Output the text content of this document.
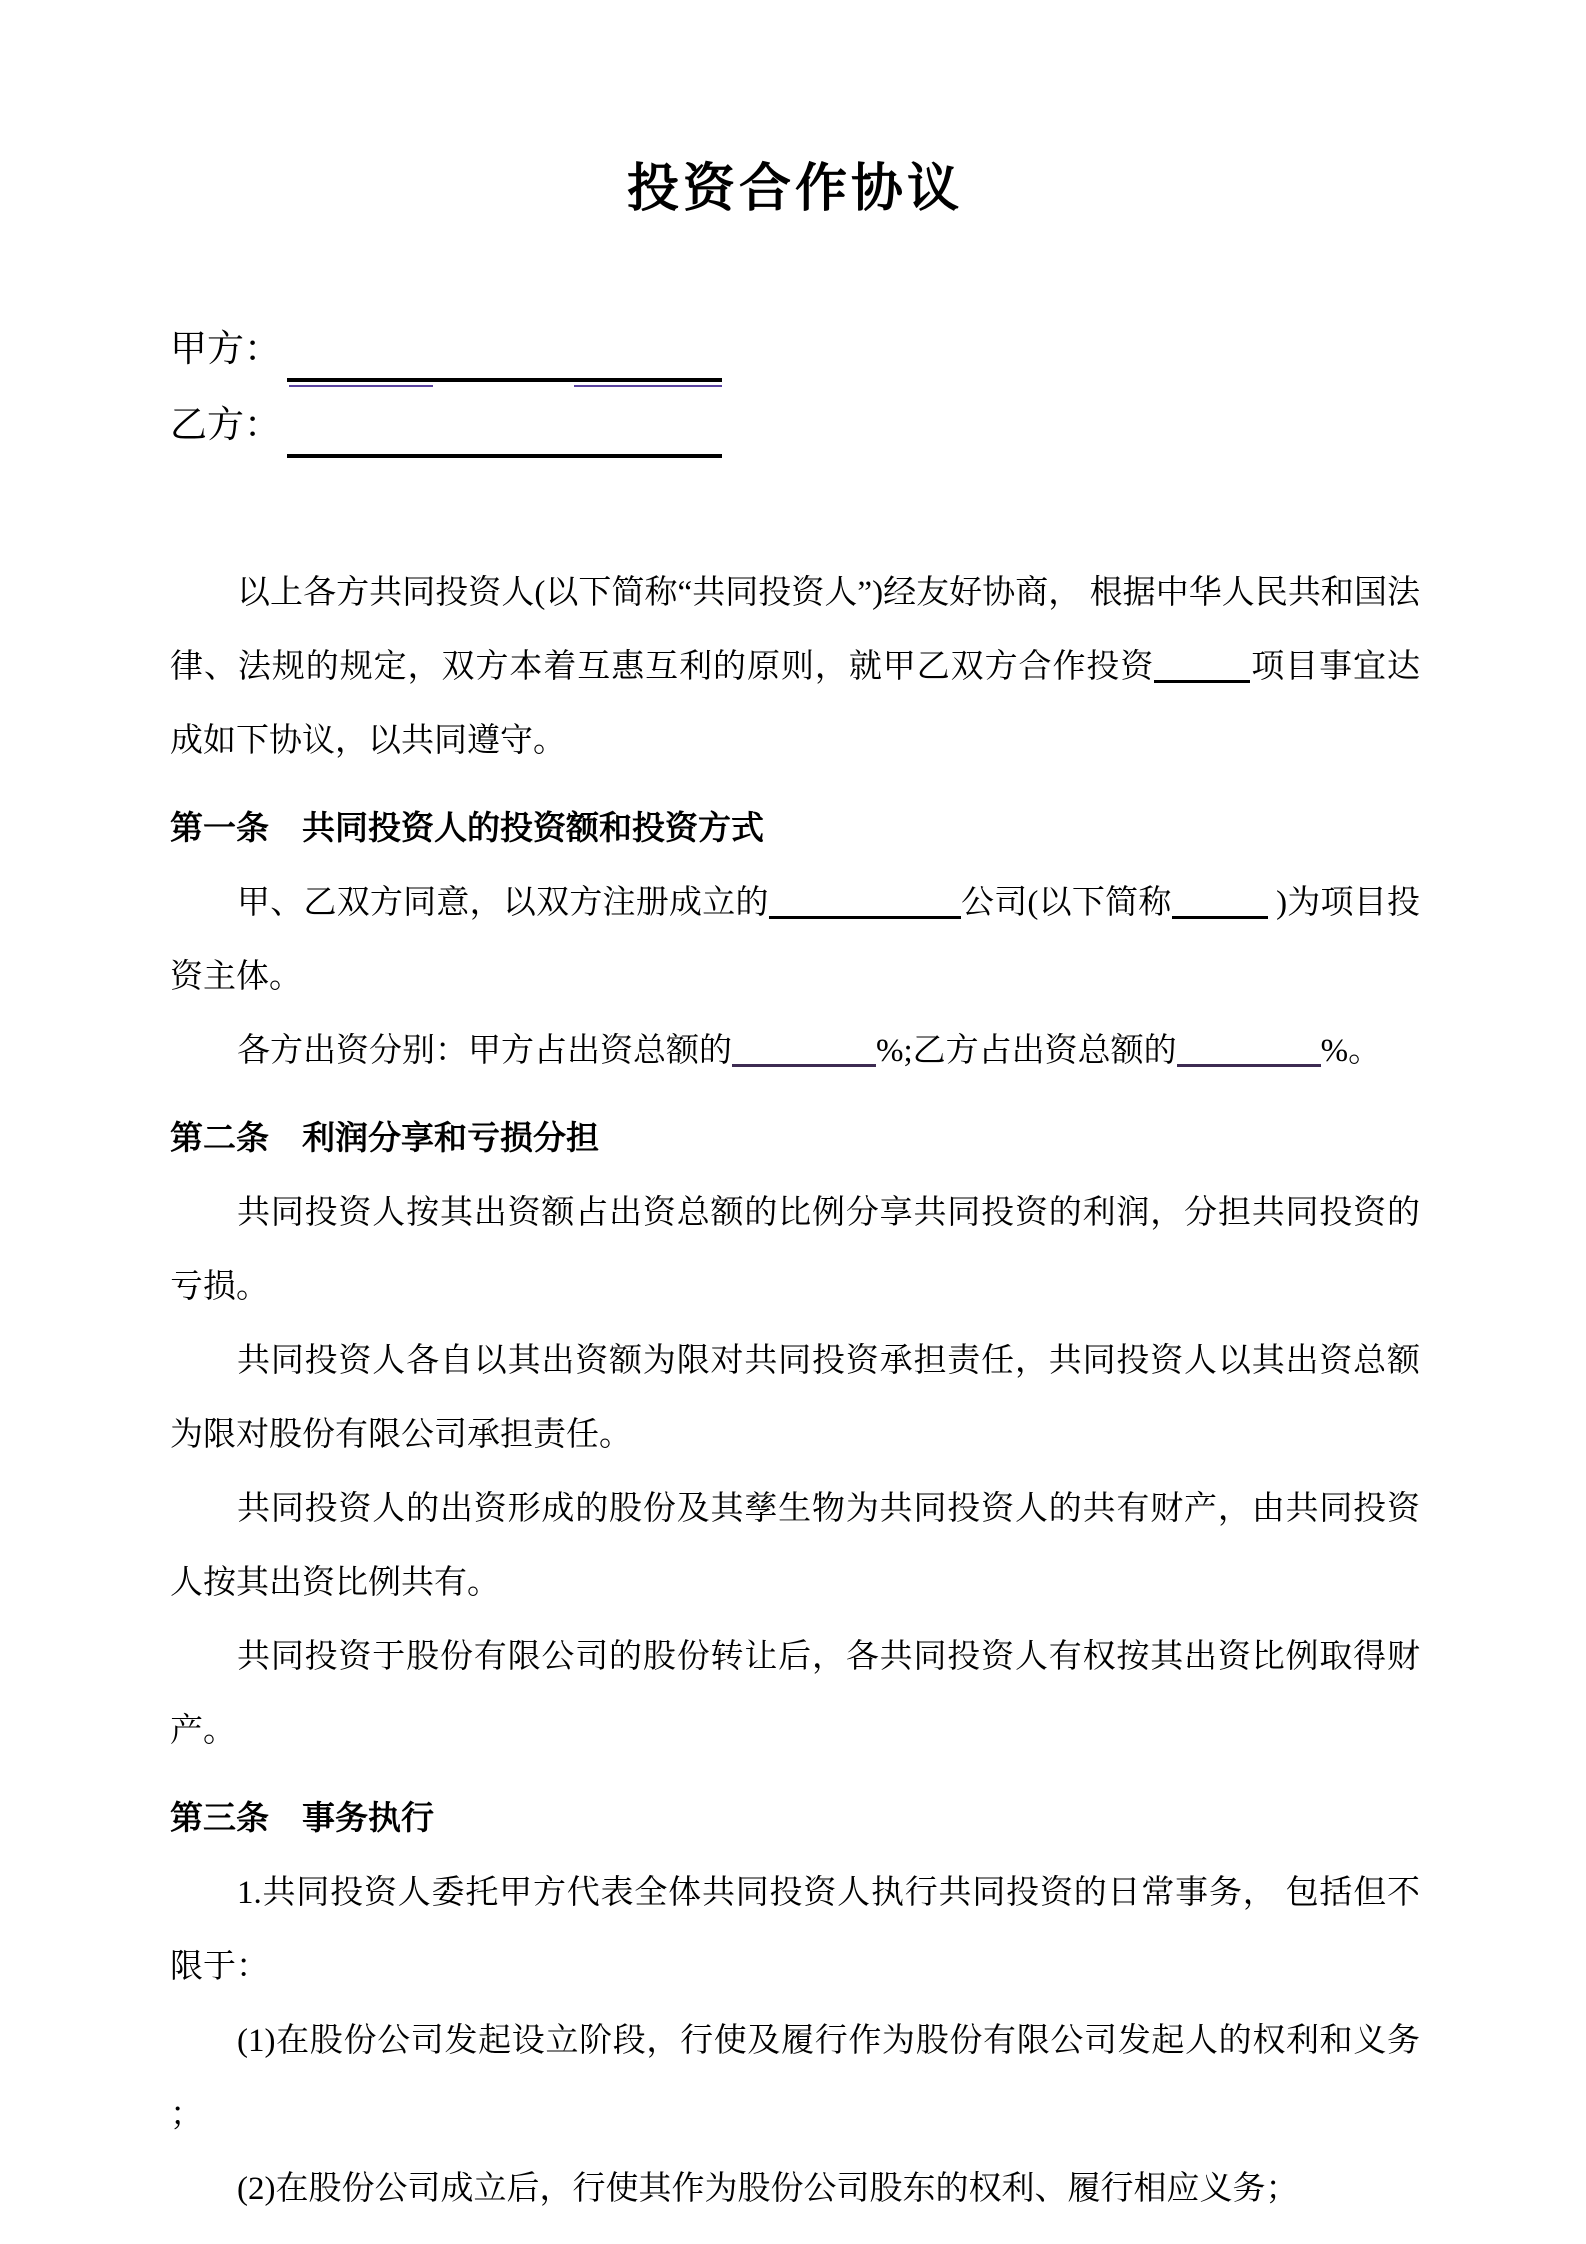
投资合作协议
甲方：
乙方：
以上各方共同投资人(以下简称“共同投资人”)经友好协商， 根据中华人民共和国法律、法规的规定，双方本着互惠互利的原则，就甲乙双方合作投资	项目事宜达成如下协议，以共同遵守。
第一条　共同投资人的投资额和投资方式
甲、乙双方同意，以双方注册成立的	公司(以下简称	)为项目投资主体。
各方出资分别：甲方占出资总额的	%;乙方占出资总额的	%。
第二条　利润分享和亏损分担
共同投资人按其出资额占出资总额的比例分享共同投资的利润，分担共同投资的亏损。
共同投资人各自以其出资额为限对共同投资承担责任，共同投资人以其出资总额为限对股份有限公司承担责任。
共同投资人的出资形成的股份及其孳生物为共同投资人的共有财产，由共同投资人按其出资比例共有。
共同投资于股份有限公司的股份转让后，各共同投资人有权按其出资比例取得财产。
第三条　事务执行
1.共同投资人委托甲方代表全体共同投资人执行共同投资的日常事务， 包括但不限于：
(1)在股份公司发起设立阶段，行使及履行作为股份有限公司发起人的权利和义务 ；
(2)在股份公司成立后，行使其作为股份公司股东的权利、履行相应义务；
